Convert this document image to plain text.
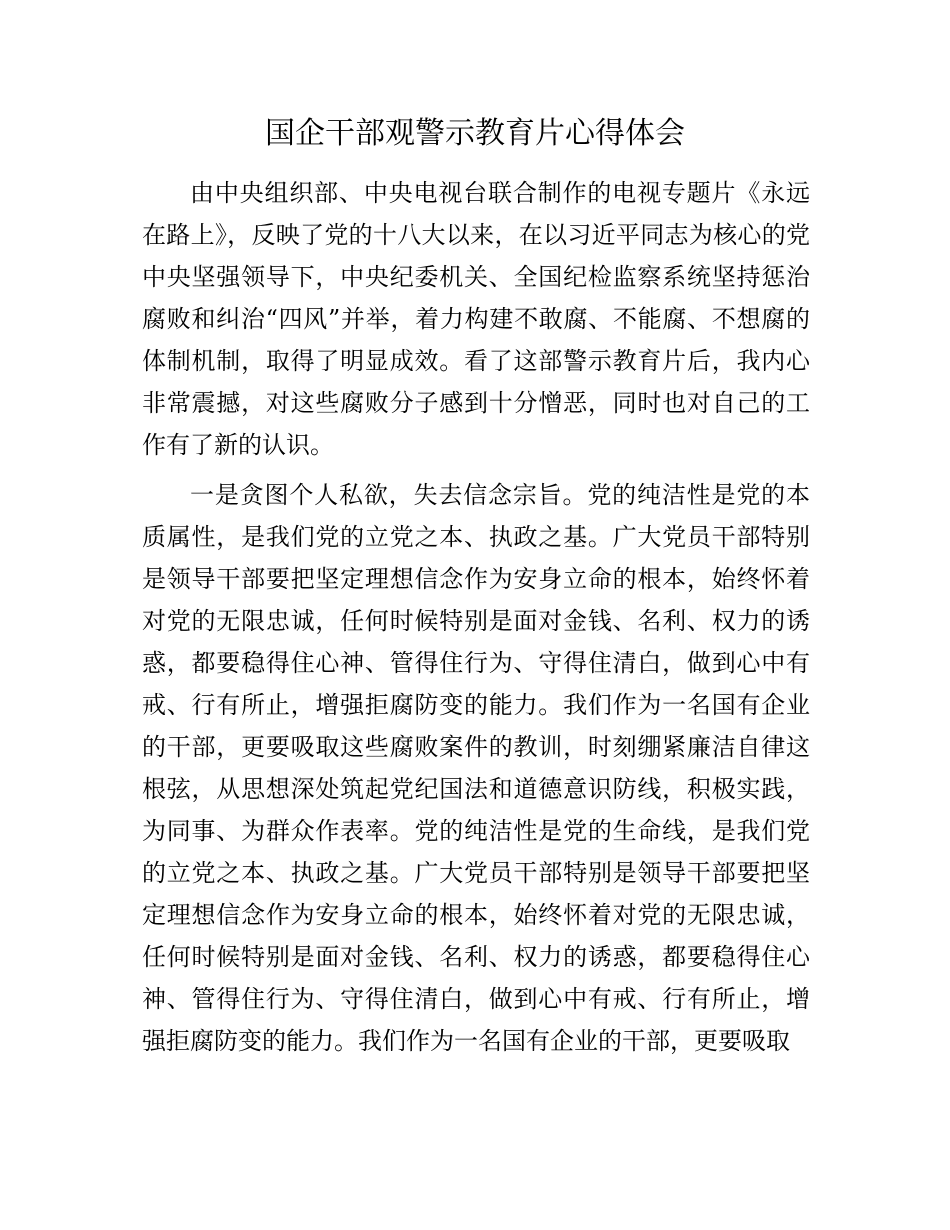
国企干部观警示教育片心得体会

由中央组织部、中央电视台联合制作的电视专题片《永远在路上》，反映了党的十八大以来，在以习近平同志为核心的党中央坚强领导下，中央纪委机关、全国纪检监察系统坚持惩治腐败和纠治“四风”并举，着力构建不敢腐、不能腐、不想腐的体制机制，取得了明显成效。看了这部警示教育片后，我内心非常震撼，对这些腐败分子感到十分憎恶，同时也对自己的工作有了新的认识。

一是贪图个人私欲，失去信念宗旨。党的纯洁性是党的本质属性，是我们党的立党之本、执政之基。广大党员干部特别是领导干部要把坚定理想信念作为安身立命的根本，始终怀着对党的无限忠诚，任何时候特别是面对金钱、名利、权力的诱惑，都要稳得住心神、管得住行为、守得住清白，做到心中有戒、行有所止，增强拒腐防变的能力。我们作为一名国有企业的干部，更要吸取这些腐败案件的教训，时刻绷紧廉洁自律这根弦，从思想深处筑起党纪国法和道德意识防线，积极实践，为同事、为群众作表率。党的纯洁性是党的生命线，是我们党的立党之本、执政之基。广大党员干部特别是领导干部要把坚定理想信念作为安身立命的根本，始终怀着对党的无限忠诚，任何时候特别是面对金钱、名利、权力的诱惑，都要稳得住心神、管得住行为、守得住清白，做到心中有戒、行有所止，增强拒腐防变的能力。我们作为一名国有企业的干部，更要吸取
